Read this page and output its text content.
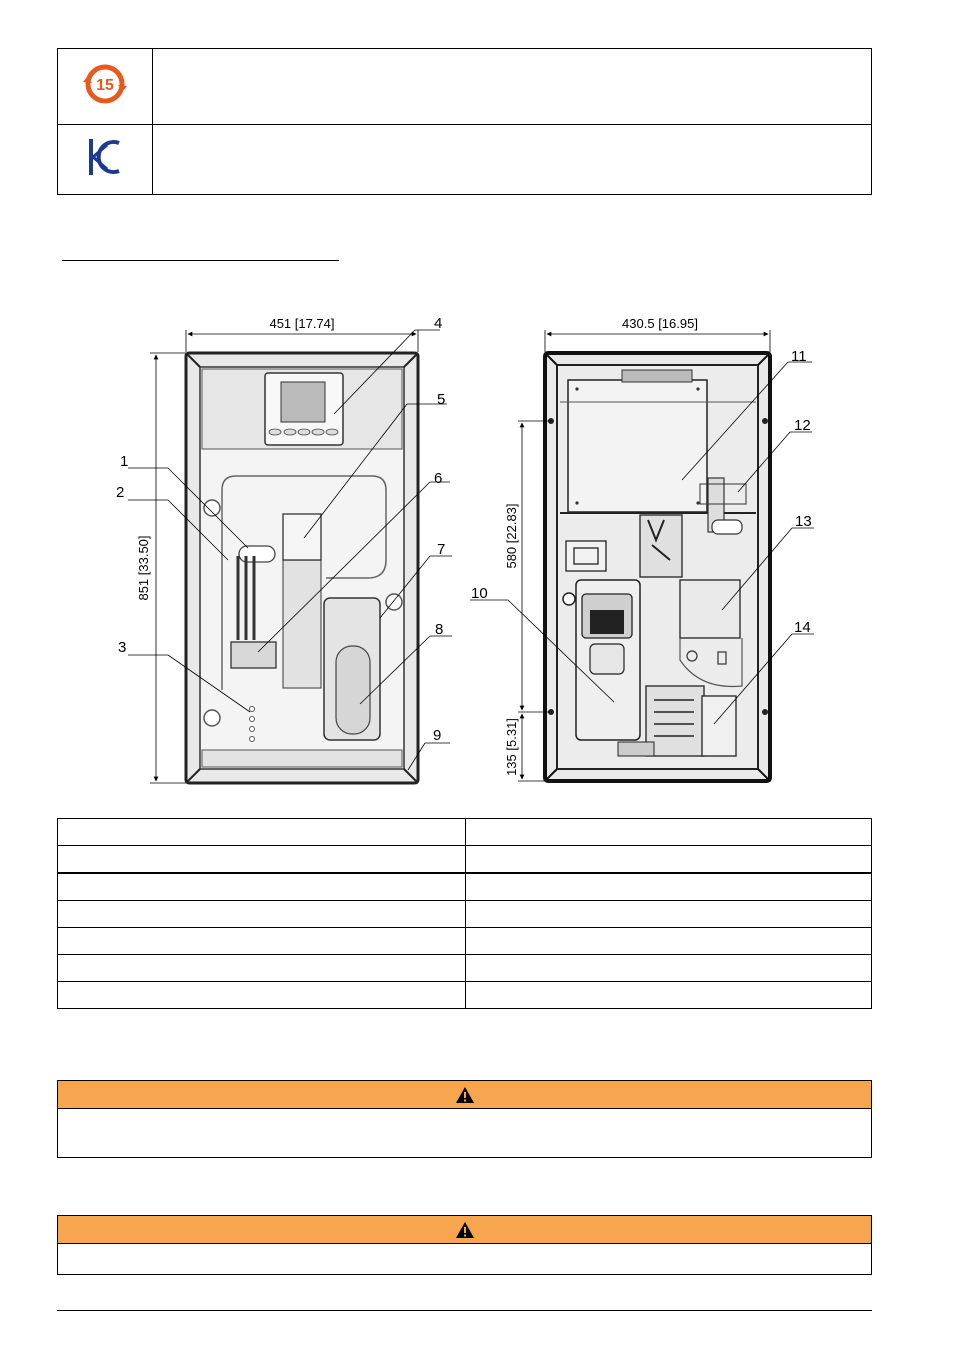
15	

451 [17.74]
851 [33.50]
1
2
3
4
5
6
7
8
9
430.5 [16.95]
580 [22.83]
135 [5.31]
10
11
12
13
14
